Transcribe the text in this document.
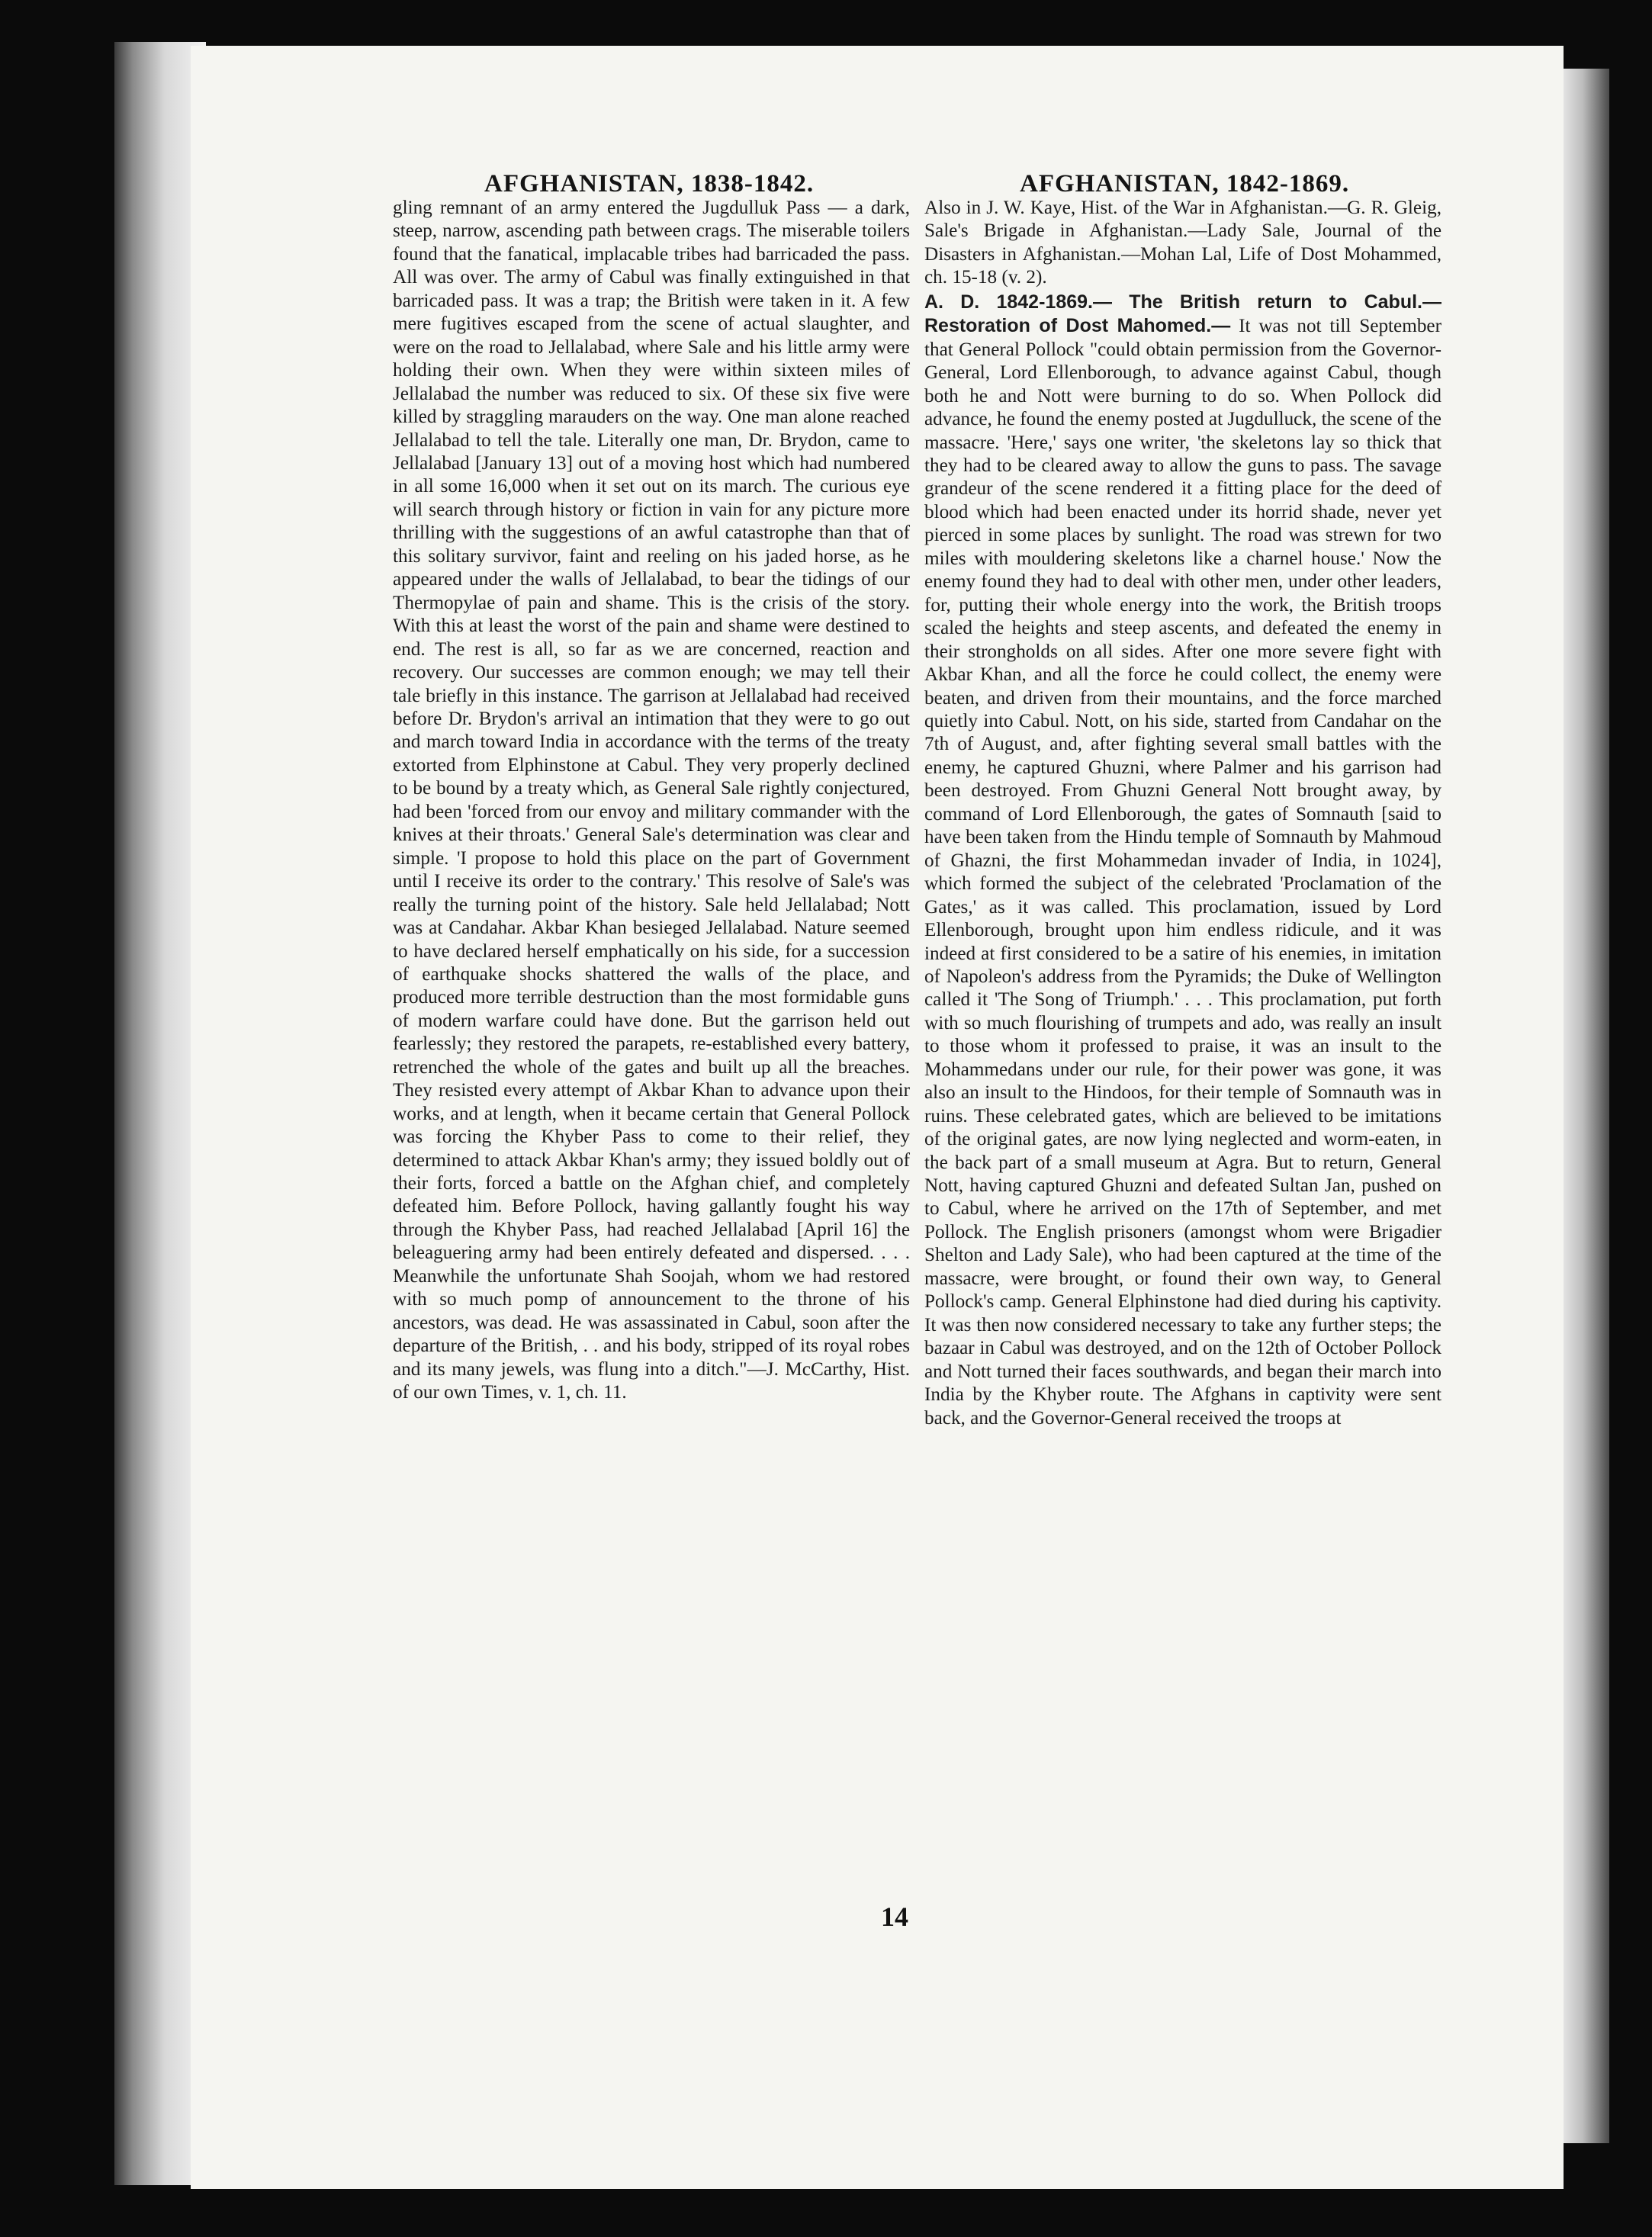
AFGHANISTAN, 1838-1842.	AFGHANISTAN, 1842-1869.

gling remnant of an army entered the Jugdulluk Pass — a dark, steep, narrow, ascending path between crags. The miserable toilers found that the fanatical, implacable tribes had barricaded the pass. All was over. The army of Cabul was finally extinguished in that barricaded pass. It was a trap; the British were taken in it. A few mere fugitives escaped from the scene of actual slaughter, and were on the road to Jellalabad, where Sale and his little army were holding their own. When they were within sixteen miles of Jellalabad the number was reduced to six. Of these six five were killed by straggling marauders on the way. One man alone reached Jellalabad to tell the tale. Literally one man, Dr. Brydon, came to Jellalabad [January 13] out of a moving host which had numbered in all some 16,000 when it set out on its march. The curious eye will search through history or fiction in vain for any picture more thrilling with the suggestions of an awful catastrophe than that of this solitary survivor, faint and reeling on his jaded horse, as he appeared under the walls of Jellalabad, to bear the tidings of our Thermopylae of pain and shame. This is the crisis of the story. With this at least the worst of the pain and shame were destined to end. The rest is all, so far as we are concerned, reaction and recovery. Our successes are common enough; we may tell their tale briefly in this instance. The garrison at Jellalabad had received before Dr. Brydon's arrival an intimation that they were to go out and march toward India in accordance with the terms of the treaty extorted from Elphinstone at Cabul. They very properly declined to be bound by a treaty which, as General Sale rightly conjectured, had been 'forced from our envoy and military commander with the knives at their throats.' General Sale's determination was clear and simple. 'I propose to hold this place on the part of Government until I receive its order to the contrary.' This resolve of Sale's was really the turning point of the history. Sale held Jellalabad; Nott was at Candahar. Akbar Khan besieged Jellalabad. Nature seemed to have declared herself emphatically on his side, for a succession of earthquake shocks shattered the walls of the place, and produced more terrible destruction than the most formidable guns of modern warfare could have done. But the garrison held out fearlessly; they restored the parapets, re-established every battery, retrenched the whole of the gates and built up all the breaches. They resisted every attempt of Akbar Khan to advance upon their works, and at length, when it became certain that General Pollock was forcing the Khyber Pass to come to their relief, they determined to attack Akbar Khan's army; they issued boldly out of their forts, forced a battle on the Afghan chief, and completely defeated him. Before Pollock, having gallantly fought his way through the Khyber Pass, had reached Jellalabad [April 16] the beleaguering army had been entirely defeated and dispersed. . . . Meanwhile the unfortunate Shah Soojah, whom we had restored with so much pomp of announcement to the throne of his ancestors, was dead. He was assassinated in Cabul, soon after the departure of the British, . . and his body, stripped of its royal robes and its many jewels, was flung into a ditch."—J. McCarthy, Hist. of our own Times, v. 1, ch. 11.

Also in J. W. Kaye, Hist. of the War in Afghanistan.—G. R. Gleig, Sale's Brigade in Afghanistan.—Lady Sale, Journal of the Disasters in Afghanistan.—Mohan Lal, Life of Dost Mohammed, ch. 15-18 (v. 2).

A. D. 1842-1869.— The British return to Cabul.— Restoration of Dost Mahomed.— It was not till September that General Pollock "could obtain permission from the Governor-General, Lord Ellenborough, to advance against Cabul, though both he and Nott were burning to do so. When Pollock did advance, he found the enemy posted at Jugdulluck, the scene of the massacre. 'Here,' says one writer, 'the skeletons lay so thick that they had to be cleared away to allow the guns to pass. The savage grandeur of the scene rendered it a fitting place for the deed of blood which had been enacted under its horrid shade, never yet pierced in some places by sunlight. The road was strewn for two miles with mouldering skeletons like a charnel house.' Now the enemy found they had to deal with other men, under other leaders, for, putting their whole energy into the work, the British troops scaled the heights and steep ascents, and defeated the enemy in their strongholds on all sides. After one more severe fight with Akbar Khan, and all the force he could collect, the enemy were beaten, and driven from their mountains, and the force marched quietly into Cabul. Nott, on his side, started from Candahar on the 7th of August, and, after fighting several small battles with the enemy, he captured Ghuzni, where Palmer and his garrison had been destroyed. From Ghuzni General Nott brought away, by command of Lord Ellenborough, the gates of Somnauth [said to have been taken from the Hindu temple of Somnauth by Mahmoud of Ghazni, the first Mohammedan invader of India, in 1024], which formed the subject of the celebrated 'Proclamation of the Gates,' as it was called. This proclamation, issued by Lord Ellenborough, brought upon him endless ridicule, and it was indeed at first considered to be a satire of his enemies, in imitation of Napoleon's address from the Pyramids; the Duke of Wellington called it 'The Song of Triumph.' . . . This proclamation, put forth with so much flourishing of trumpets and ado, was really an insult to those whom it professed to praise, it was an insult to the Mohammedans under our rule, for their power was gone, it was also an insult to the Hindoos, for their temple of Somnauth was in ruins. These celebrated gates, which are believed to be imitations of the original gates, are now lying neglected and worm-eaten, in the back part of a small museum at Agra. But to return, General Nott, having captured Ghuzni and defeated Sultan Jan, pushed on to Cabul, where he arrived on the 17th of September, and met Pollock. The English prisoners (amongst whom were Brigadier Shelton and Lady Sale), who had been captured at the time of the massacre, were brought, or found their own way, to General Pollock's camp. General Elphinstone had died during his captivity. It was then now considered necessary to take any further steps; the bazaar in Cabul was destroyed, and on the 12th of October Pollock and Nott turned their faces southwards, and began their march into India by the Khyber route. The Afghans in captivity were sent back, and the Governor-General received the troops at

14
